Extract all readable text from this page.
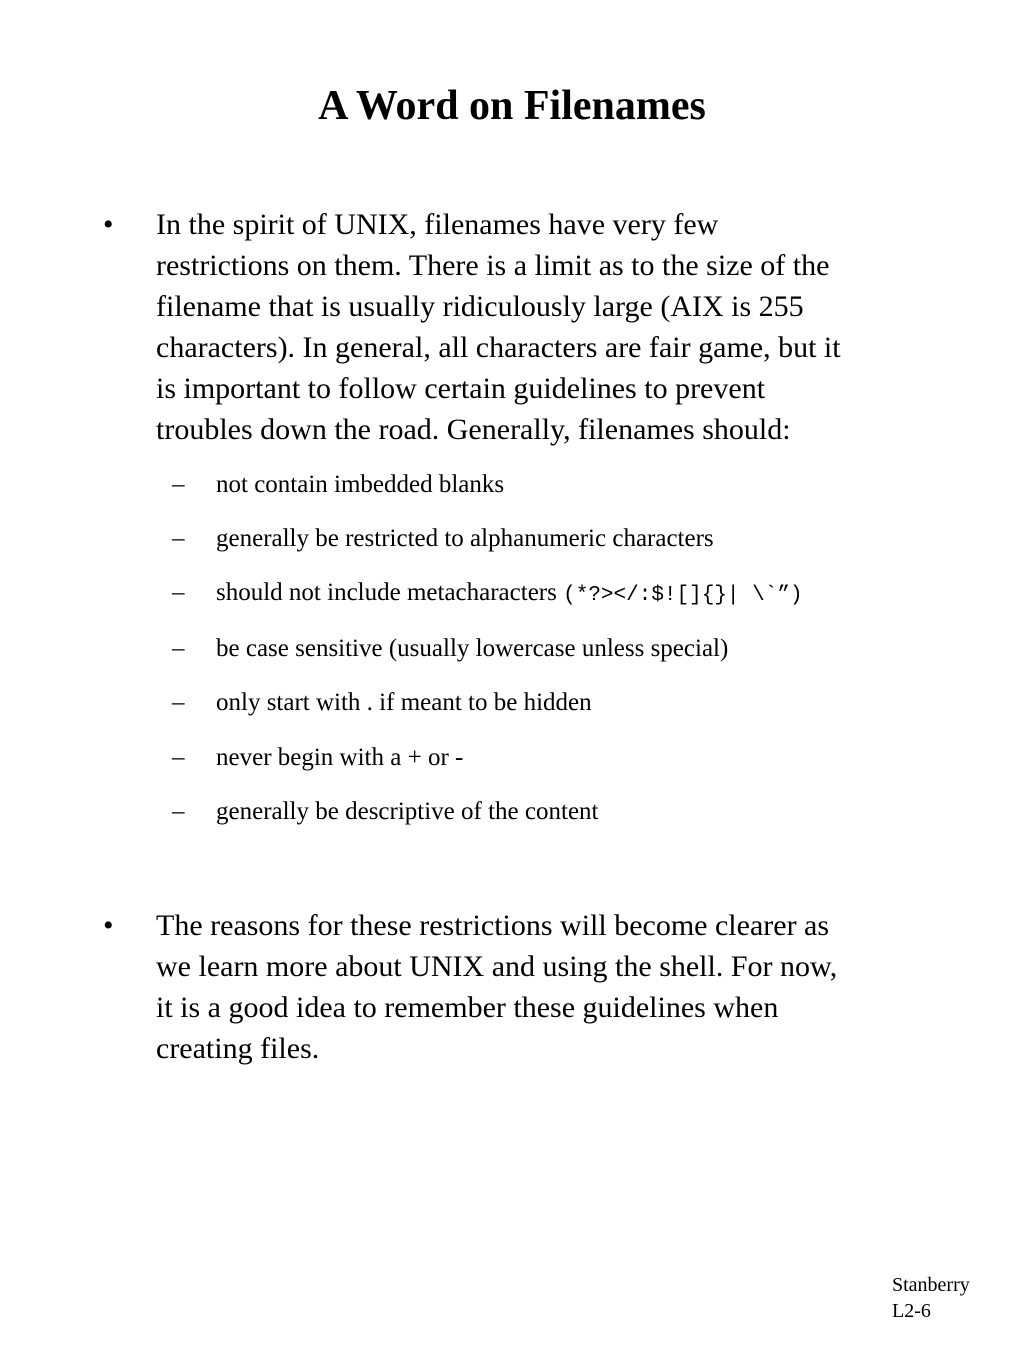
A Word on Filenames
• In the spirit of UNIX, filenames have very few
restrictions on them. There is a limit as to the size of the
filename that is usually ridiculously large (AIX is 255
characters). In general, all characters are fair game, but it
is important to follow certain guidelines to prevent
troubles down the road. Generally, filenames should:
– not contain imbedded blanks
– generally be restricted to alphanumeric characters
– should not include metacharacters (*?></:$![]{}| \`”)
– be case sensitive (usually lowercase unless special)
– only start with . if meant to be hidden
– never begin with a + or -
– generally be descriptive of the content
• The reasons for these restrictions will become clearer as
we learn more about UNIX and using the shell. For now,
it is a good idea to remember these guidelines when
creating files.
Stanberry
L2-6
